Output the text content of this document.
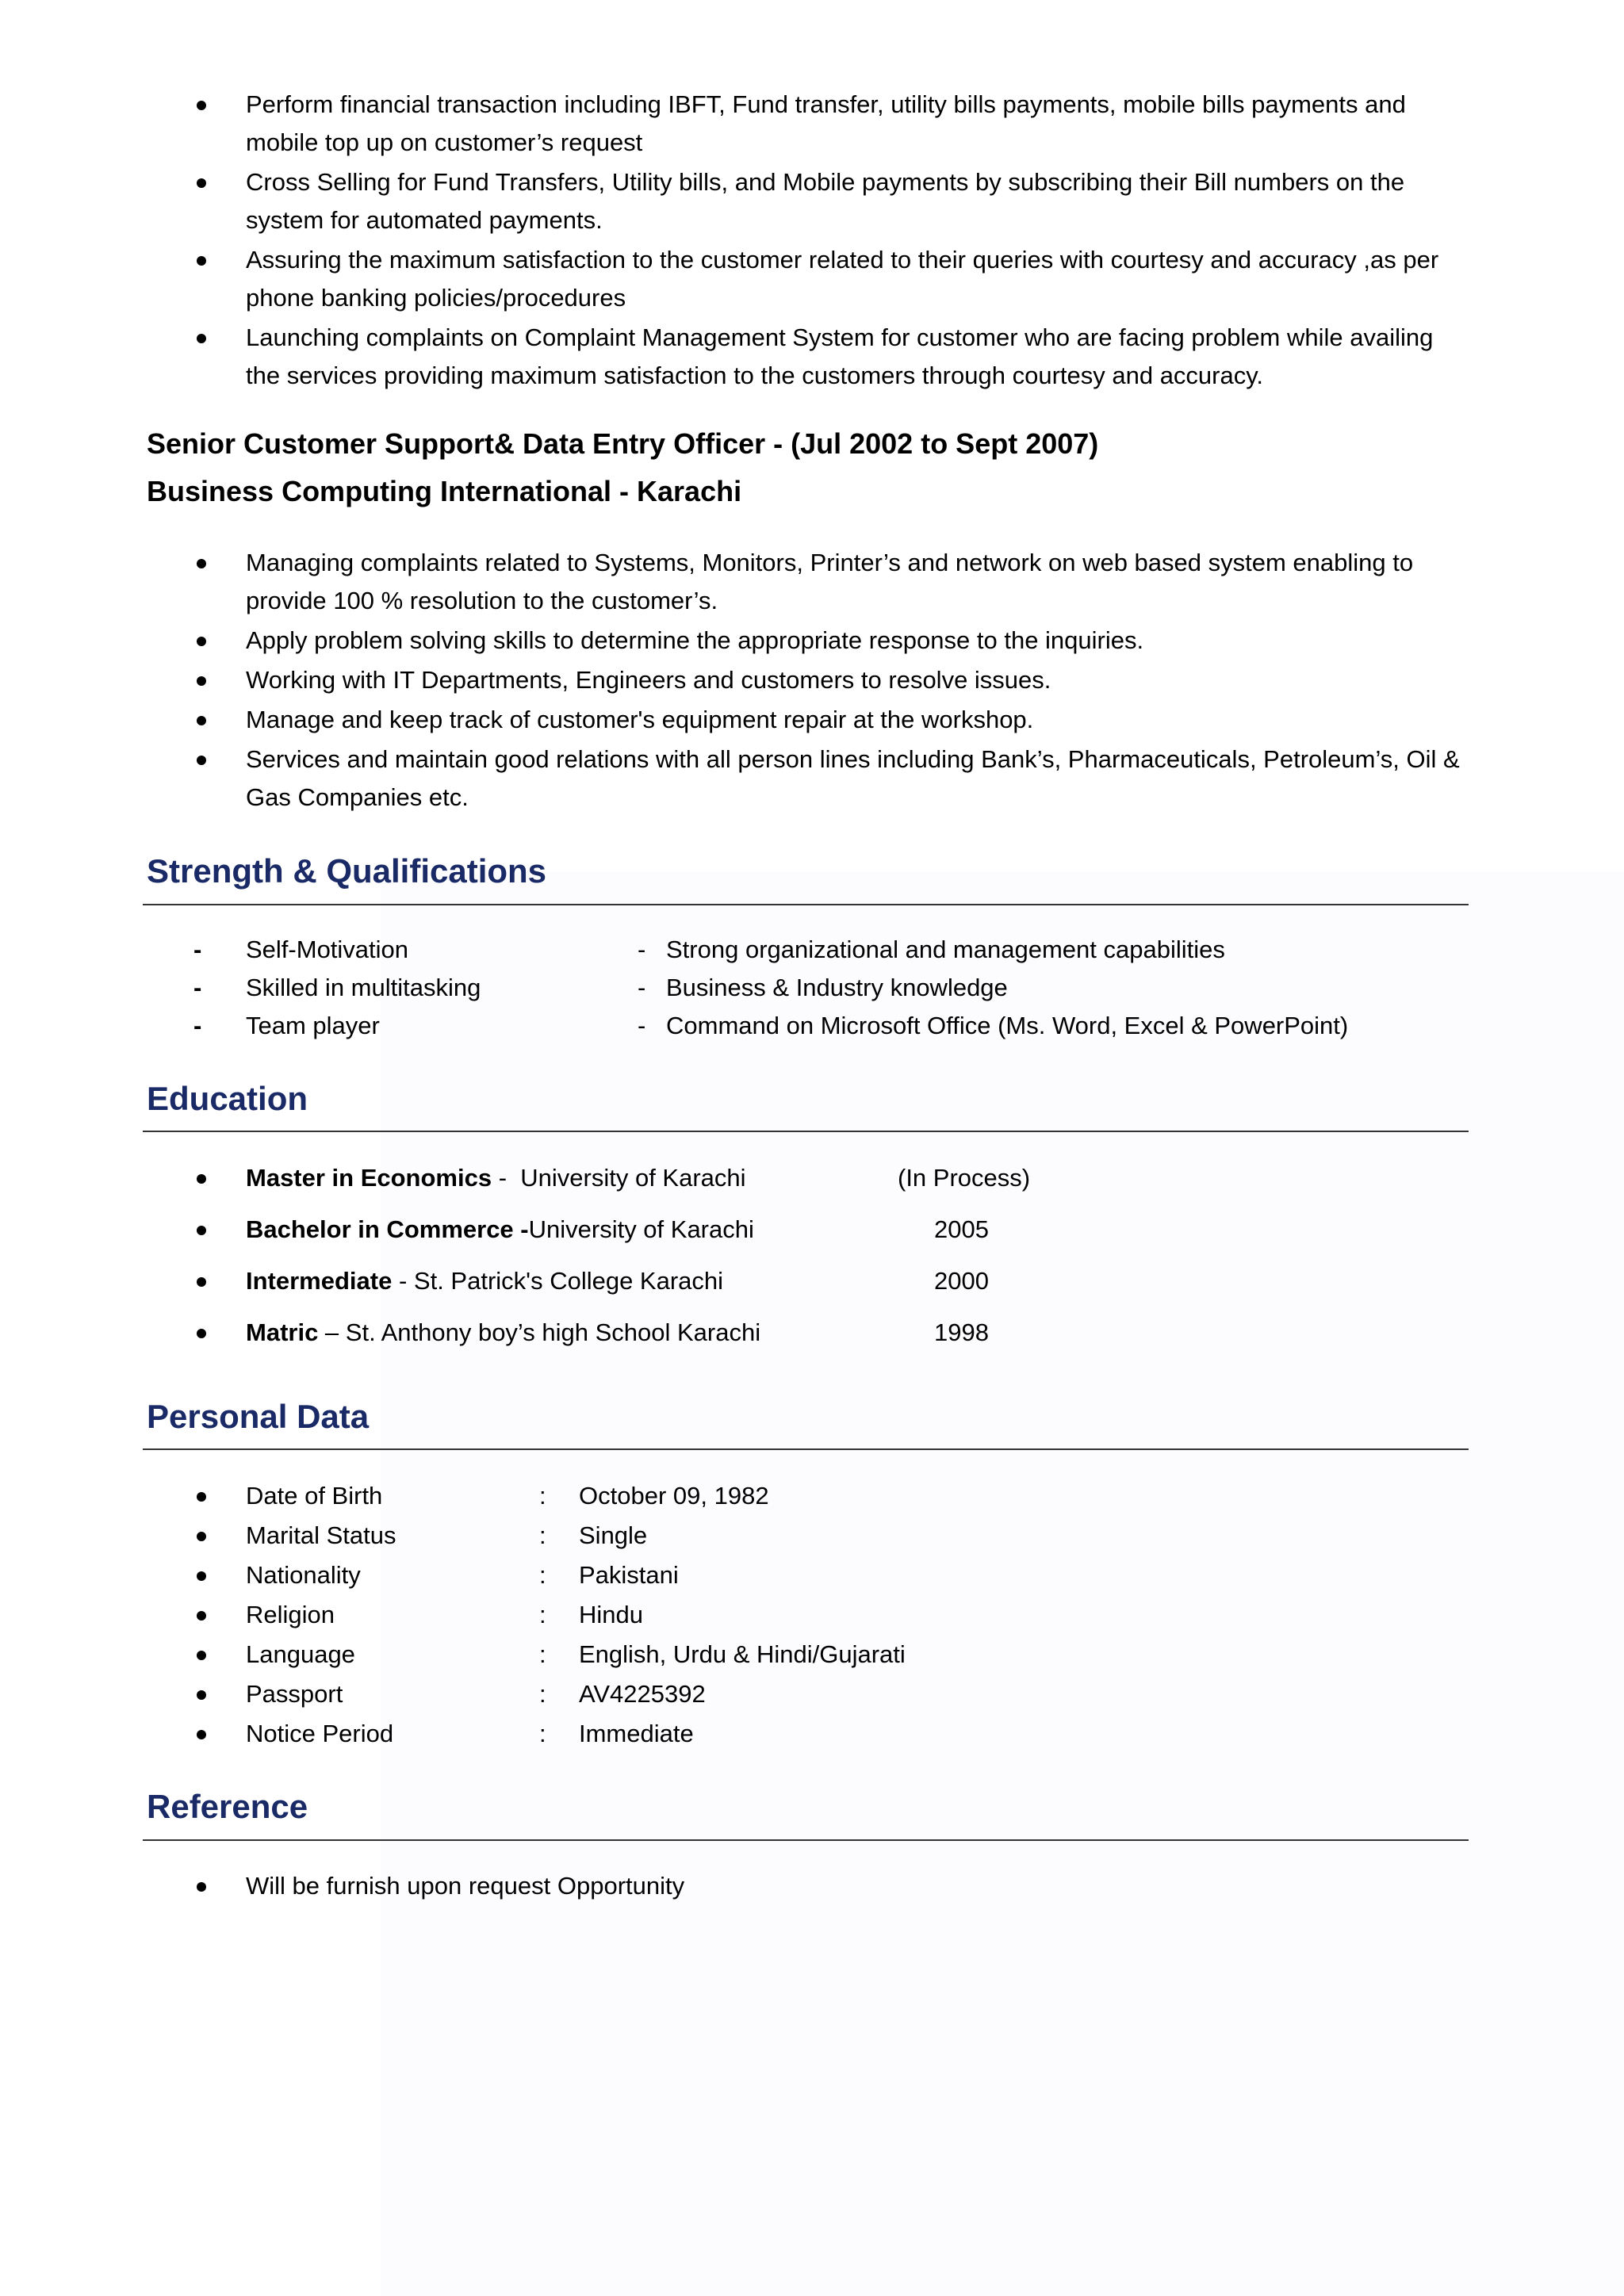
Perform financial transaction including IBFT, Fund transfer, utility bills payments, mobile bills payments and mobile top up on customer’s request
Cross Selling for Fund Transfers, Utility bills, and Mobile payments by subscribing their Bill numbers on the system for automated payments.
Assuring the maximum satisfaction to the customer related to their queries with courtesy and accuracy ,as per phone banking policies/procedures
Launching complaints on Complaint Management System for customer who are facing problem while availing the services providing maximum satisfaction to the customers through courtesy and accuracy.
Senior Customer Support& Data Entry Officer - (Jul 2002 to Sept 2007)
Business Computing International - Karachi
Managing complaints related to Systems, Monitors, Printer’s and network on web based system enabling to provide 100 % resolution to the customer’s.
Apply problem solving skills to determine the appropriate response to the inquiries.
Working with IT Departments, Engineers and customers to resolve issues.
Manage and keep track of customer's equipment repair at the workshop.
Services and maintain good relations with all person lines including Bank’s, Pharmaceuticals, Petroleum’s, Oil & Gas Companies etc.
Strength & Qualifications
- Self-Motivation	- Strong organizational and management capabilities
- Skilled in multitasking	- Business & Industry knowledge
- Team player	- Command on Microsoft Office (Ms. Word, Excel & PowerPoint)
Education
Master in Economics -  University of Karachi	(In Process)
Bachelor in Commerce -University of Karachi	2005
Intermediate - St. Patrick's College Karachi	2000
Matric – St. Anthony boy’s high School Karachi	1998
Personal Data
Date of Birth	: October 09, 1982
Marital Status	: Single
Nationality	: Pakistani
Religion	: Hindu
Language	: English, Urdu & Hindi/Gujarati
Passport	: AV4225392
Notice Period	: Immediate
Reference
Will be furnish upon request Opportunity
